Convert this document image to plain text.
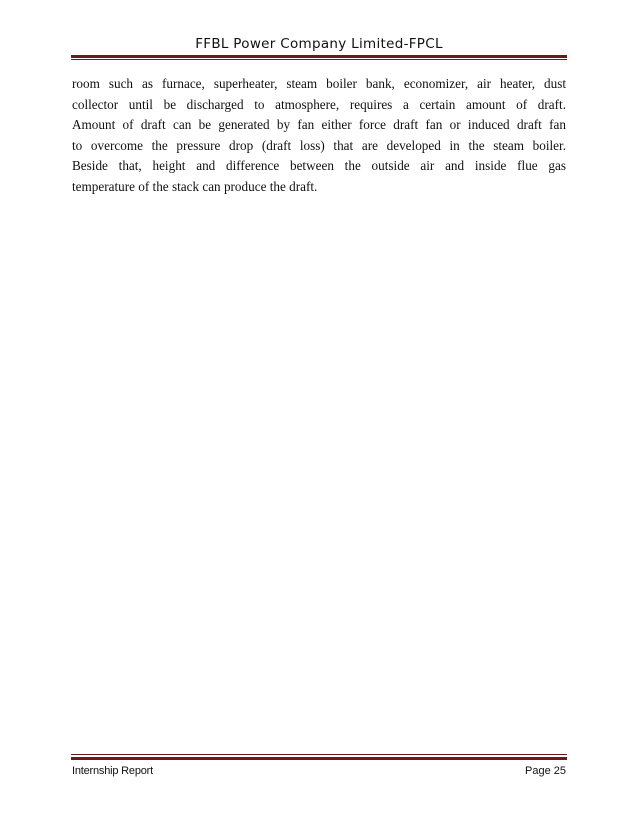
FFBL Power Company Limited-FPCL
room such as furnace, superheater, steam boiler bank, economizer, air heater, dust
collector until be discharged to atmosphere, requires a certain amount of draft.
Amount of draft can be generated by fan either force draft fan or induced draft fan
to overcome the pressure drop (draft loss) that are developed in the steam boiler.
Beside that, height and difference between the outside air and inside flue gas
temperature of the stack can produce the draft.
Internship Report	Page 25
